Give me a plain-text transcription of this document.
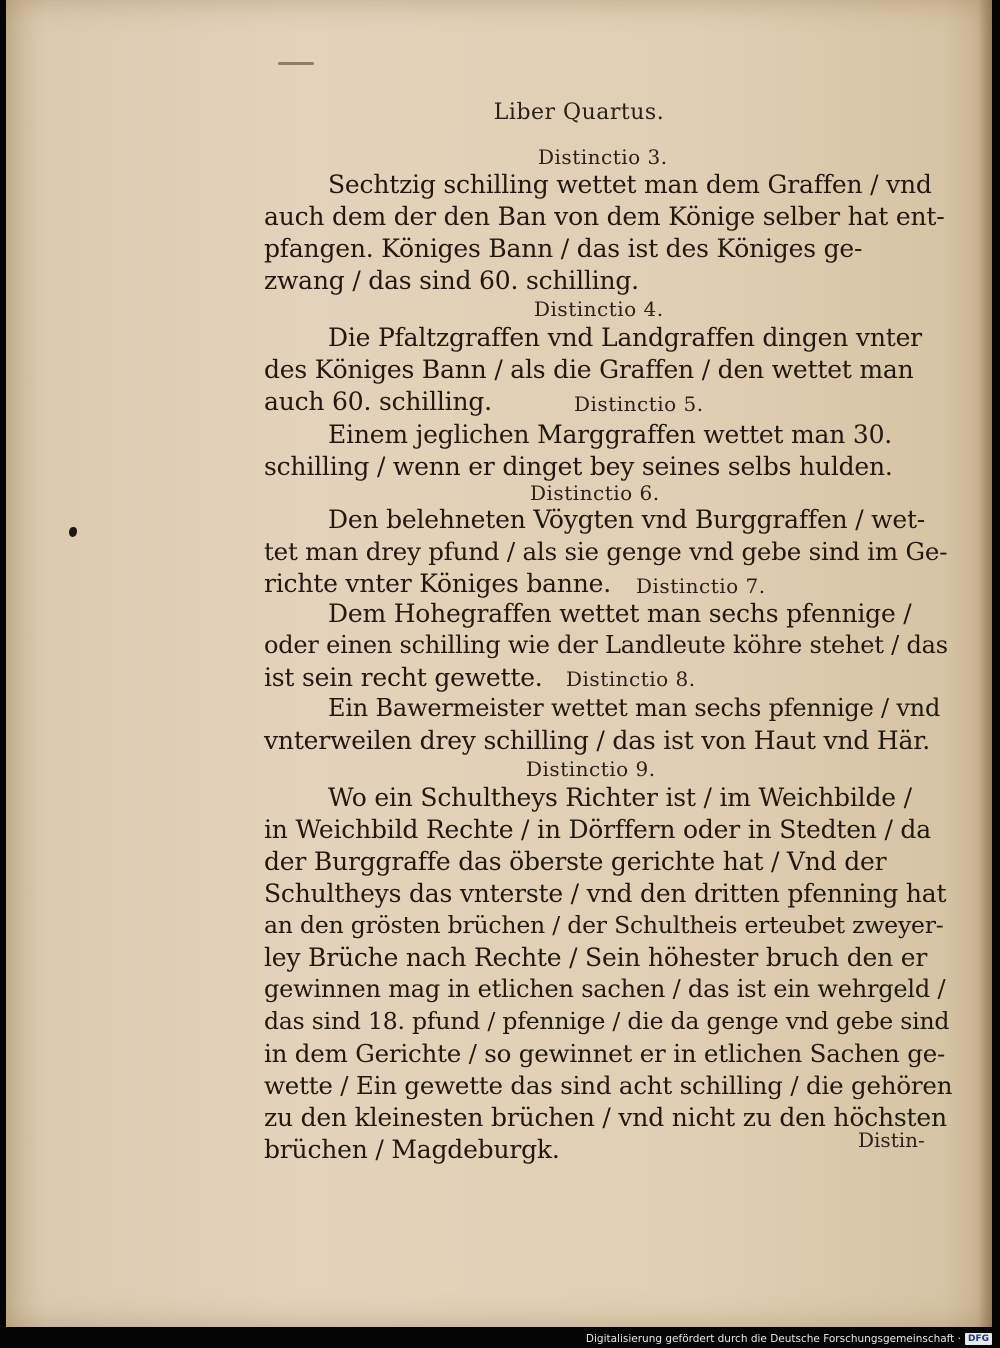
Liber Quartus.
Distinctio 3.
Sechtzig schilling wettet man dem Graffen / vnd
auch dem der den Ban von dem Könige selber hat ent-
pfangen. Königes Bann / das ist des Königes ge-
zwang / das sind 60. schilling.
Distinctio 4.
Die Pfaltzgraffen vnd Landgraffen dingen vnter
des Königes Bann / als die Graffen / den wettet man
auch 60. schilling.	Distinctio 5.
Einem jeglichen Marggraffen wettet man 30.
schilling / wenn er dinget bey seines selbs hulden.
Distinctio 6.
Den belehneten Vöygten vnd Burggraffen / wet-
tet man drey pfund / als sie genge vnd gebe sind im Ge-
richte vnter Königes banne. Distinctio 7.
Dem Hohegraffen wettet man sechs pfennige /
oder einen schilling wie der Landleute köhre stehet / das
ist sein recht gewette. Distinctio 8.
Ein Bawermeister wettet man sechs pfennige / vnd
vnterweilen drey schilling / das ist von Haut vnd Här.
Distinctio 9.
Wo ein Schultheys Richter ist / im Weichbilde /
in Weichbild Rechte / in Dörffern oder in Stedten / da
der Burggraffe das öberste gerichte hat / Vnd der
Schultheys das vnterste / vnd den dritten pfenning hat
an den grösten brüchen / der Schultheis erteubet zweyer-
ley Brüche nach Rechte / Sein höhester bruch den er
gewinnen mag in etlichen sachen / das ist ein wehrgeld /
das sind 18. pfund / pfennige / die da genge vnd gebe sind
in dem Gerichte / so gewinnet er in etlichen Sachen ge-
wette / Ein gewette das sind acht schilling / die gehören
zu den kleinesten brüchen / vnd nicht zu den höchsten
brüchen / Magdeburgk.	Distin-
Digitalisierung gefördert durch die Deutsche Forschungsgemeinschaft · DFG
